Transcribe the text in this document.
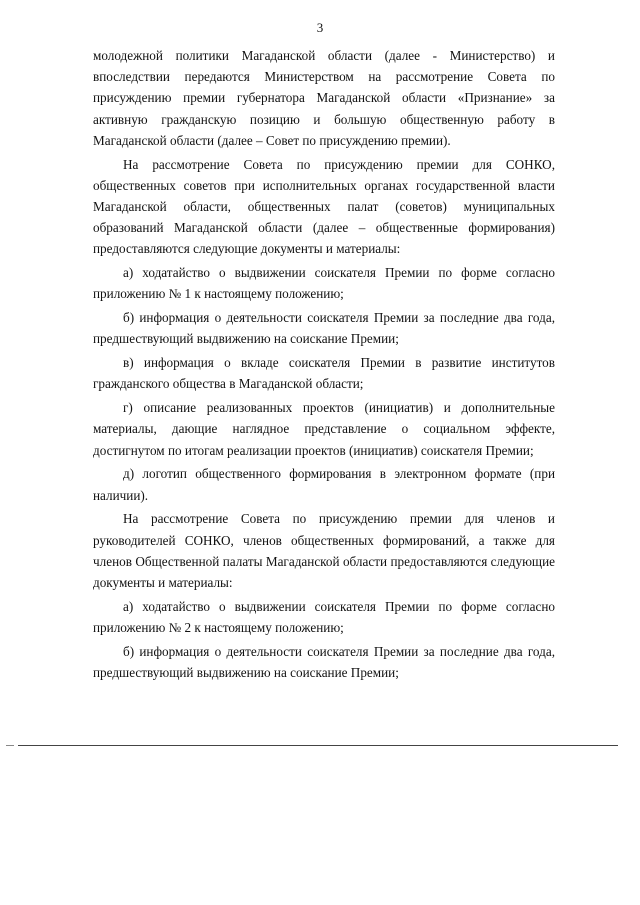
3

молодежной политики Магаданской области (далее - Министерство) и впоследствии передаются Министерством на рассмотрение Совета по присуждению премии губернатора Магаданской области «Признание» за активную гражданскую позицию и большую общественную работу в Магаданской области (далее – Совет по присуждению премии).

На рассмотрение Совета по присуждению премии для СОНКО, общественных советов при исполнительных органах государственной власти Магаданской области, общественных палат (советов) муниципальных образований Магаданской области (далее – общественные формирования) предоставляются следующие документы и материалы:

а) ходатайство о выдвижении соискателя Премии по форме согласно приложению № 1 к настоящему положению;

б) информация о деятельности соискателя Премии за последние два года, предшествующий выдвижению на соискание Премии;

в) информация о вкладе соискателя Премии в развитие институтов гражданского общества в Магаданской области;

г) описание реализованных проектов (инициатив) и дополнительные материалы, дающие наглядное представление о социальном эффекте, достигнутом по итогам реализации проектов (инициатив) соискателя Премии;

д) логотип общественного формирования в электронном формате (при наличии).

На рассмотрение Совета по присуждению премии для членов и руководителей СОНКО, членов общественных формирований, а также для членов Общественной палаты Магаданской области предоставляются следующие документы и материалы:

а) ходатайство о выдвижении соискателя Премии по форме согласно приложению № 2 к настоящему положению;

б) информация о деятельности соискателя Премии за последние два года, предшествующий выдвижению на соискание Премии;
